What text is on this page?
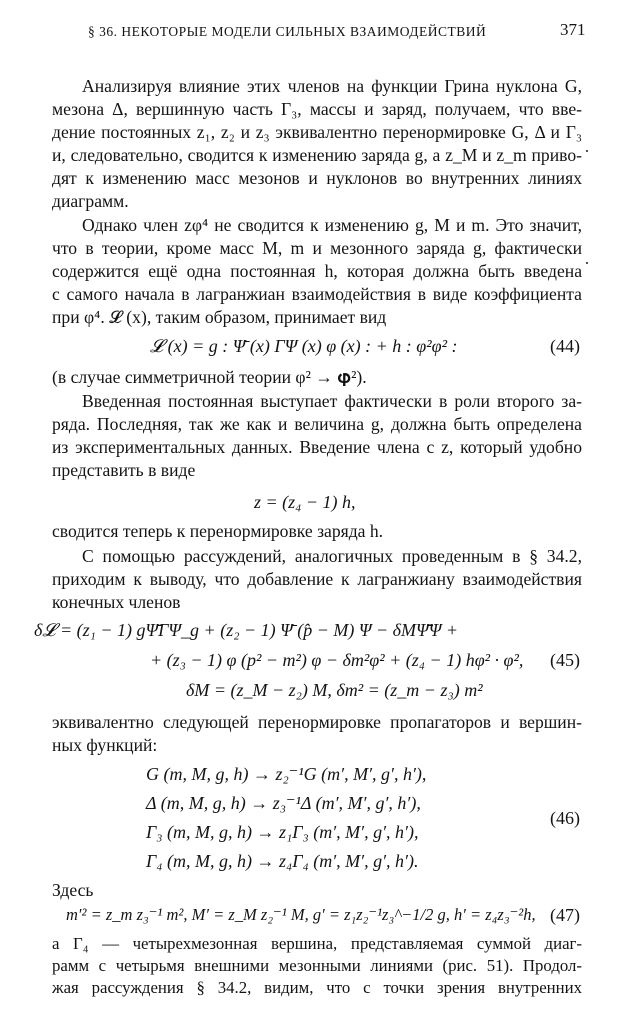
§ 36. НЕКОТОРЫЕ МОДЕЛИ СИЛЬНЫХ ВЗАИМОДЕЙСТВИЙ	371
Анализируя влияние этих членов на функции Грина нуклона G,
мезона Δ, вершинную часть Γ₃, массы и заряд, получаем, что вве-
дение постоянных z₁, z₂ и z₃ эквивалентно перенормировке G, Δ и Γ₃
и, следовательно, сводится к изменению заряда g, а z_M и z_m приво-
дят к изменению масс мезонов и нуклонов во внутренних линиях
диаграмм.
Однако член zφ⁴ не сводится к изменению g, M и m. Это значит,
что в теории, кроме масс M, m и мезонного заряда g, фактически
содержится ещё одна постоянная h, которая должна быть введена
с самого начала в лагранжиан взаимодействия в виде коэффициента
при φ⁴. 𝓛 (x), таким образом, принимает вид
𝓛 (x) = g : Ψ̄ (x) ΓΨ (x) φ (x) : + h : φ²φ² :	(44)
(в случае симметричной теории φ² → 𝛗²).
Введенная постоянная выступает фактически в роли второго за-
ряда. Последняя, так же как и величина g, должна быть определена
из экспериментальных данных. Введение члена с z, который удобно
представить в виде
z = (z₄ − 1) h,
сводится теперь к перенормировке заряда h.
С помощью рассуждений, аналогичных проведенным в § 34.2,
приходим к выводу, что добавление к лагранжиану взаимодействия
конечных членов
δ𝓛 = (z₁ − 1) gΨ̄ΓΨ_g + (z₂ − 1) Ψ̄ (p̂ − M) Ψ − δMΨ̄Ψ +
+ (z₃ − 1) φ (p² − m²) φ − δm²φ² + (z₄ − 1) hφ² · φ²,
δM = (z_M − z₂) M, δm² = (z_m − z₃) m²
(45)
эквивалентно следующей перенормировке пропагаторов и вершин-
ных функций:
G (m, M, g, h) → z₂⁻¹G (m′, M′, g′, h′),
Δ (m, M, g, h) → z₃⁻¹Δ (m′, M′, g′, h′),
Γ₃ (m, M, g, h) → z₁Γ₃ (m′, M′, g′, h′),
Γ₄ (m, M, g, h) → z₄Γ₄ (m′, M′, g′, h′).
(46)
Здесь
m′² = z_m z₃⁻¹ m², M′ = z_M z₂⁻¹ M, g′ = z₁z₂⁻¹z₃^−1/2 g, h′ = z₄z₃⁻²h, (47)
а Γ₄ — четырехмезонная вершина, представляемая суммой диаг-
рамм с четырьмя внешними мезонными линиями (рис. 51). Продол-
жая рассуждения § 34.2, видим, что с точки зрения внутренних
